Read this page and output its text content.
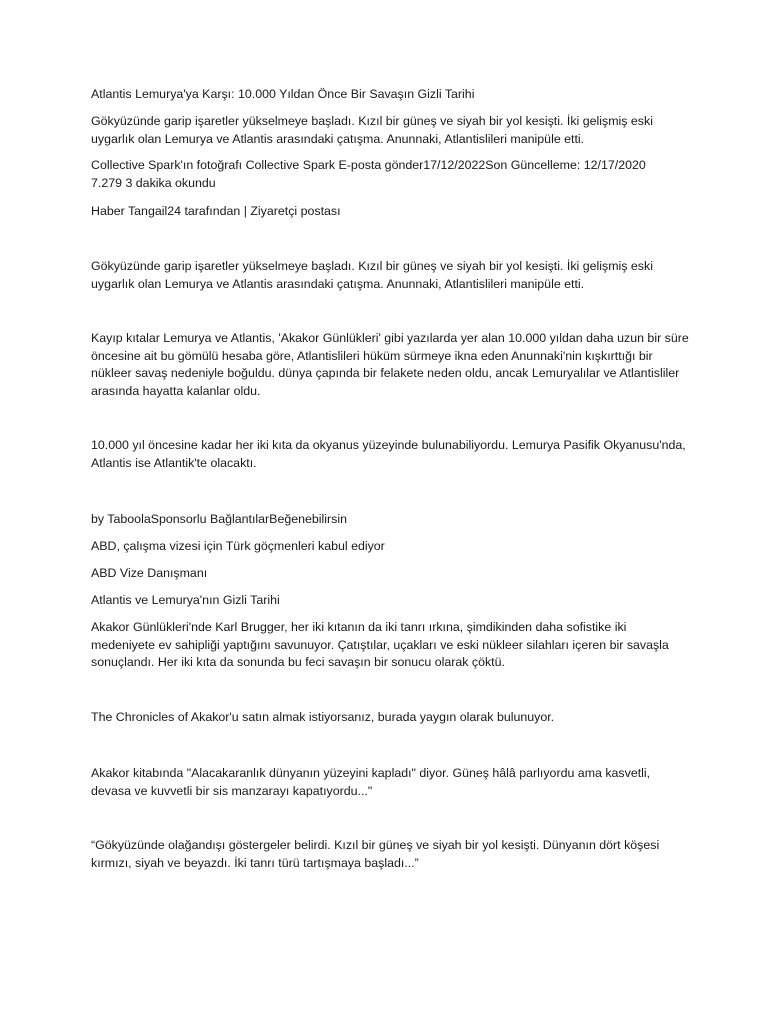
Atlantis Lemurya'ya Karşı: 10.000 Yıldan Önce Bir Savaşın Gizli Tarihi

Gökyüzünde garip işaretler yükselmeye başladı. Kızıl bir güneş ve siyah bir yol kesişti. İki gelişmiş eski uygarlık olan Lemurya ve Atlantis arasındaki çatışma. Anunnaki, Atlantislileri manipüle etti.

Collective Spark'ın fotoğrafı Collective Spark E-posta gönder17/12/2022Son Güncelleme: 12/17/2020

7.279 3 dakika okundu

Haber Tangail24 tarafından | Ziyaretçi postası

Gökyüzünde garip işaretler yükselmeye başladı. Kızıl bir güneş ve siyah bir yol kesişti. İki gelişmiş eski uygarlık olan Lemurya ve Atlantis arasındaki çatışma. Anunnaki, Atlantislileri manipüle etti.

Kayıp kıtalar Lemurya ve Atlantis, 'Akakor Günlükleri' gibi yazılarda yer alan 10.000 yıldan daha uzun bir süre öncesine ait bu gömülü hesaba göre, Atlantislileri hüküm sürmeye ikna eden Anunnaki'nin kışkırttığı bir nükleer savaş nedeniyle boğuldu. dünya çapında bir felakete neden oldu, ancak Lemuryalılar ve Atlantisliler arasında hayatta kalanlar oldu.

10.000 yıl öncesine kadar her iki kıta da okyanus yüzeyinde bulunabiliyordu. Lemurya Pasifik Okyanusu'nda, Atlantis ise Atlantik'te olacaktı.

by TaboolaSponsorlu BağlantılarBeğenebilirsin

ABD, çalışma vizesi için Türk göçmenleri kabul ediyor

ABD Vize Danışmanı

Atlantis ve Lemurya'nın Gizli Tarihi

Akakor Günlükleri'nde Karl Brugger, her iki kıtanın da iki tanrı ırkına, şimdikinden daha sofistike iki medeniyete ev sahipliği yaptığını savunuyor. Çatıştılar, uçakları ve eski nükleer silahları içeren bir savaşla sonuçlandı. Her iki kıta da sonunda bu feci savaşın bir sonucu olarak çöktü.

The Chronicles of Akakor'u satın almak istiyorsanız, burada yaygın olarak bulunuyor.

Akakor kitabında "Alacakaranlık dünyanın yüzeyini kapladı" diyor. Güneş hâlâ parlıyordu ama kasvetli, devasa ve kuvvetli bir sis manzarayı kapatıyordu..."

“Gökyüzünde olağandışı göstergeler belirdi. Kızıl bir güneş ve siyah bir yol kesişti. Dünyanın dört köşesi kırmızı, siyah ve beyazdı. İki tanrı türü tartışmaya başladı...”
